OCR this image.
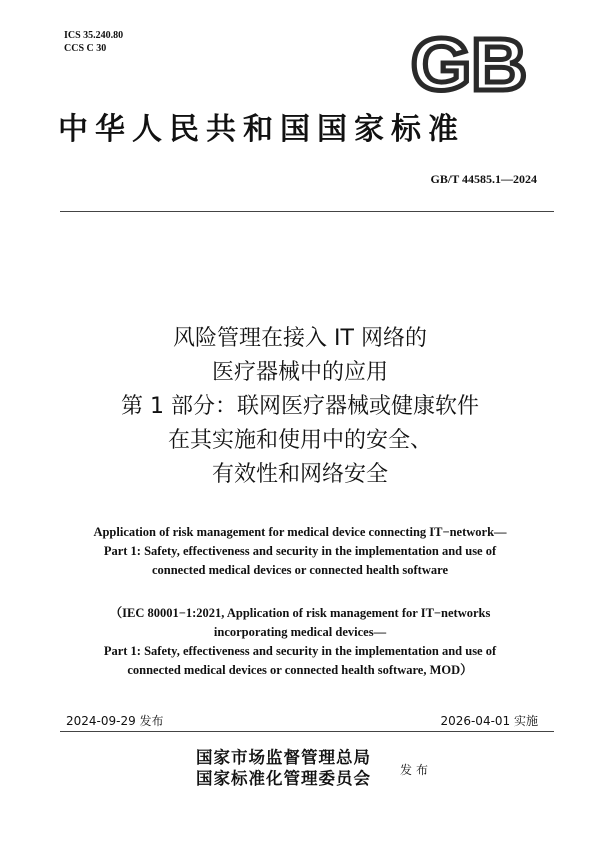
ICS 35.240.80
CCS C 30	GB
中华人民共和国国家标准
GB/T 44585.1—2024
风险管理在接入 IT 网络的
医疗器械中的应用
第 1 部分：联网医疗器械或健康软件
在其实施和使用中的安全、
有效性和网络安全
Application of risk management for medical device connecting IT−network—
Part 1: Safety, effectiveness and security in the implementation and use of
connected medical devices or connected health software
（IEC 80001−1:2021, Application of risk management for IT−networks
incorporating medical devices—
Part 1: Safety, effectiveness and security in the implementation and use of
connected medical devices or connected health software, MOD）
2024-09-29 发布	2026-04-01 实施
国家市场监督管理总局
国家标准化管理委员会 发布
